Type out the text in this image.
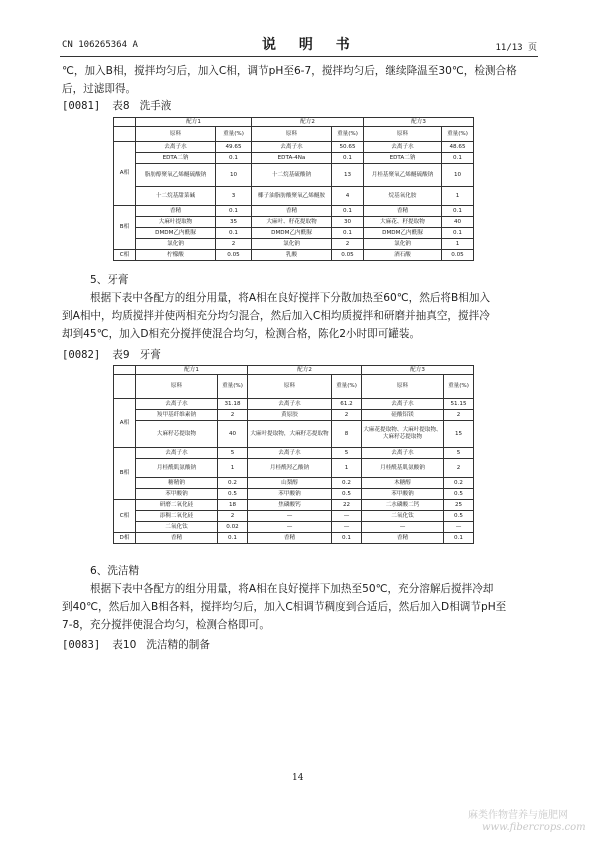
CN 106265364 A	说 明 书	11/13 页
℃，加入B相，搅拌均匀后，加入C相，调节pH至6-7，搅拌均匀后，继续降温至30℃，检测合格
后，过滤即得。
[0081] 表8 洗手液
	配方1		配方2		配方3	
	原料	重量(%)	原料	重量(%)	原料	重量(%)
A相	去离子水	49.65	去离子水	50.65	去离子水	48.65
	EDTA二钠	0.1	EDTA-4Na	0.1	EDTA二钠	0.1
	脂肪醇聚氧乙烯醚硫酸钠	10	十二烷基硫酸钠	13	月桂基聚氧乙烯醚硫酸钠	10
	十二烷基甜菜碱	3	椰子油脂肪酸聚氧乙烯醚胺	4	烷基氧化胺	1
B相	香精	0.1	香精	0.1	香精	0.1
	大麻叶提取物	35	大麻叶、籽花提取物	30	大麻花、籽提取物	40
	DMDM乙内酰脲	0.1	DMDM乙内酰脲	0.1	DMDM乙内酰脲	0.1
	氯化钠	2	氯化钠	2	氯化钠	1
C相	柠檬酸	0.05	乳酸	0.05	酒石酸	0.05
5、牙膏
根据下表中各配方的组分用量，将A相在良好搅拌下分散加热至60℃，然后将B相加入
到A相中，均质搅拌并使两相充分均匀混合，然后加入C相均质搅拌和研磨并抽真空，搅拌冷
却到45℃，加入D相充分搅拌使混合均匀，检测合格，陈化2小时即可罐装。
[0082] 表9 牙膏
	配方1		配方2		配方3	
	原料	重量(%)	原料	重量(%)	原料	重量(%)
A相	去离子水	31.18	去离子水	61.2	去离子水	51.15
	羧甲基纤维素钠	2	黄原胶	2	硅酸铝镁	2
	大麻籽芯提取物	40	大麻叶提取物，大麻籽芯提取物	8	大麻花提取物、大麻叶提取物、大麻籽芯提取物	15
B相	去离子水	5	去离子水	5	去离子水	5
	月桂酰肌氨酸钠	1	月桂酰羟乙酸钠	1	月桂酰基肌氨酸钠	2
	糖精钠	0.2	山梨醇	0.2	木糖醇	0.2
	苯甲酸钠	0.5	苯甲酸钠	0.5	苯甲酸钠	0.5
C相	研磨二氧化硅	18	焦磷酸钙	22	二水磷酸二钙	25
	添稠二氧化硅	2	—	—	二氧化钛	0.5
	二氧化钛	0.02	—	—	—	—
D相	香精	0.1	香精	0.1	香精	0.1
6、洗洁精
根据下表中各配方的组分用量，将A相在良好搅拌下加热至50℃，充分溶解后搅拌冷却
到40℃，然后加入B相各料，搅拌均匀后，加入C相调节稠度到合适后，然后加入D相调节pH至
7-8，充分搅拌使混合均匀，检测合格即可。
[0083] 表10 洗洁精的制备
14
麻类作物营养与施肥网
www.fibercrops.com
